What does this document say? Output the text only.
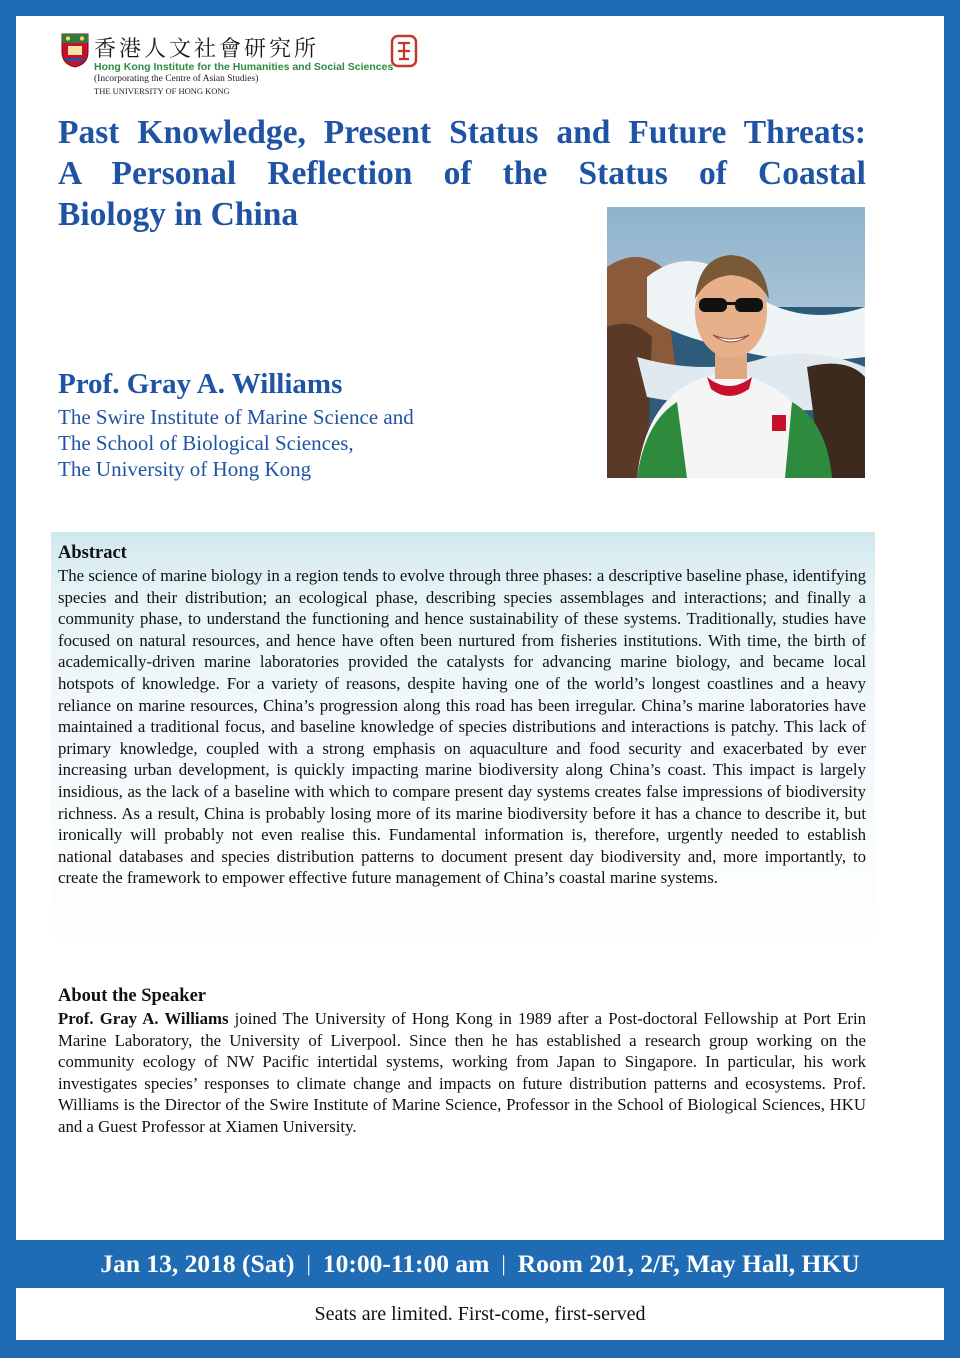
香港人文社會研究所
Hong Kong Institute for the Humanities and Social Sciences
(Incorporating the Centre of Asian Studies)
THE UNIVERSITY OF HONG KONG
Past Knowledge, Present Status and Future Threats:
A Personal Reflection of the Status of Coastal
Biology in China
Prof. Gray A. Williams
The Swire Institute of Marine Science and
The School of Biological Sciences,
The University of Hong Kong
Abstract

The science of marine biology in a region tends to evolve through three phases: a descriptive baseline phase, identifying species and their distribution; an ecological phase, describing species assemblages and interactions; and finally a community phase, to understand the functioning and hence sustainability of these systems. Traditionally, studies have focused on natural resources, and hence have often been nurtured from fisheries institutions. With time, the birth of academically-driven marine laboratories provided the catalysts for advancing marine biology, and became local hotspots of knowledge. For a variety of reasons, despite having one of the world’s longest coastlines and a heavy reliance on marine resources, China’s progression along this road has been irregular. China’s marine laboratories have maintained a traditional focus, and baseline knowledge of species distributions and interactions is patchy. This lack of primary knowledge, coupled with a strong emphasis on aquaculture and food security and exacerbated by ever increasing urban development, is quickly impacting marine biodiversity along China’s coast. This impact is largely insidious, as the lack of a baseline with which to compare present day systems creates false impressions of biodiversity richness. As a result, China is probably losing more of its marine biodiversity before it has a chance to describe it, but ironically will probably not even realise this. Fundamental information is, therefore, urgently needed to establish national databases and species distribution patterns to document present day biodiversity and, more importantly, to create the framework to empower effective future management of China’s coastal marine systems.

About the Speaker

Prof. Gray A. Williams joined The University of Hong Kong in 1989 after a Post-doctoral Fellowship at Port Erin Marine Laboratory, the University of Liverpool. Since then he has established a research group working on the community ecology of NW Pacific intertidal systems, working from Japan to Singapore. In particular, his work investigates species’ responses to climate change and impacts on future distribution patterns and ecosystems. Prof. Williams is the Director of the Swire Institute of Marine Science, Professor in the School of Biological Sciences, HKU and a Guest Professor at Xiamen University.

Jan 13, 2018 (Sat) | 10:00-11:00 am | Room 201, 2/F, May Hall, HKU
Seats are limited. First-come, first-served
